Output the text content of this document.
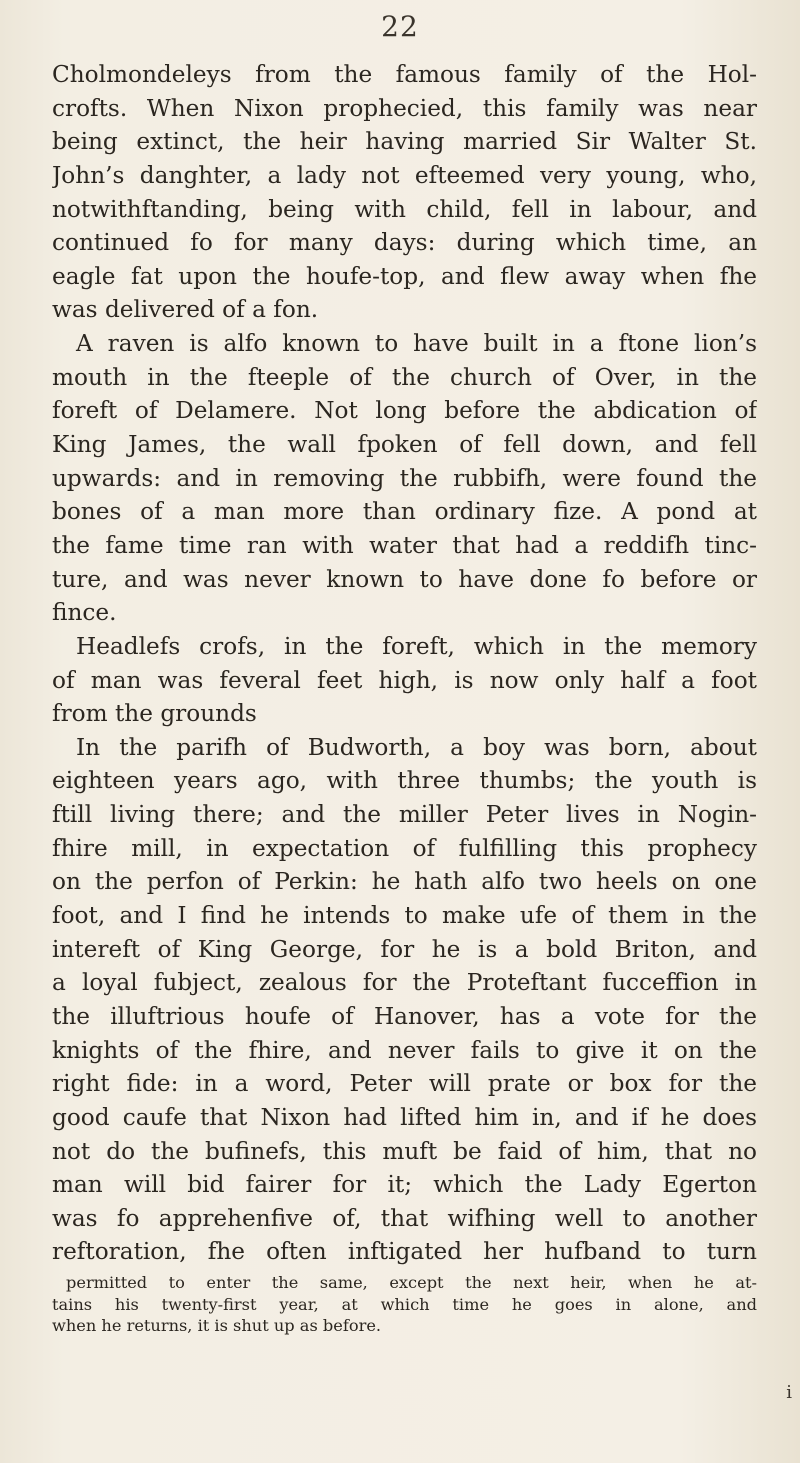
22
Cholmondeleys from the famous family of the Hol-
crofts. When Nixon prophecied, this family was near
being extinct, the heir having married Sir Walter St.
John’s danghter, a lady not efteemed very young, who,
notwithftanding, being with child, fell in labour, and
continued fo for many days: during which time, an
eagle fat upon the houfe-top, and flew away when fhe
was delivered of a fon.
A raven is alfo known to have built in a ftone lion’s
mouth in the fteeple of the church of Over, in the
foreft of Delamere. Not long before the abdication of
King James, the wall fpoken of fell down, and fell
upwards: and in removing the rubbifh, were found the
bones of a man more than ordinary fize. A pond at
the fame time ran with water that had a reddifh tinc-
ture, and was never known to have done fo before or
fince.
Headlefs crofs, in the foreft, which in the memory
of man was feveral feet high, is now only half a foot
from the grounds
In the parifh of Budworth, a boy was born, about
eighteen years ago, with three thumbs; the youth is
ftill living there; and the miller Peter lives in Nogin-
fhire mill, in expectation of fulfilling this prophecy
on the perfon of Perkin: he hath alfo two heels on one
foot, and I find he intends to make ufe of them in the
intereft of King George, for he is a bold Briton, and
a loyal fubject, zealous for the Proteftant fucceffion in
the illuftrious houfe of Hanover, has a vote for the
knights of the fhire, and never fails to give it on the
right fide: in a word, Peter will prate or box for the
good caufe that Nixon had lifted him in, and if he does
not do the bufinefs, this muft be faid of him, that no
man will bid fairer for it; which the Lady Egerton
was fo apprehenfive of, that wifhing well to another
reftoration, fhe often inftigated her hufband to turn
permitted to enter the same, except the next heir, when he at-
tains his twenty-first year, at which time he goes in alone, and
when he returns, it is shut up as before.
i
